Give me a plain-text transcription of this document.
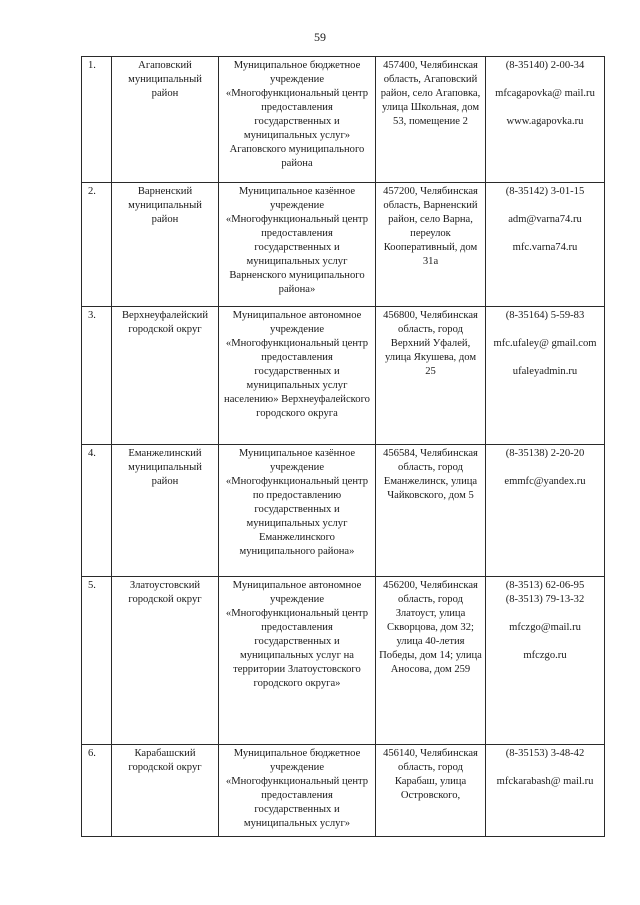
59
1.	Агаповский муниципальный район	Муниципальное бюджетное учреждение «Многофункциональный центр предоставления государственных и муниципальных услуг» Агаповского муниципального района	457400, Челябинская область, Агаповский район, село Агаповка, улица Школьная, дом 53, помещение 2	(8-35140) 2-00-34
mfcagapovka@ mail.ru
www.agapovka.ru

2.	Варненский муниципальный район	Муниципальное казённое учреждение «Многофункциональный центр предоставления государственных и муниципальных услуг Варненского муниципального района»	457200, Челябинская область, Варненский район, село Варна, переулок Кооперативный, дом 31а	(8-35142) 3-01-15
adm@varna74.ru
mfc.varna74.ru

3.	Верхнеуфалейский городской округ	Муниципальное автономное учреждение «Многофункциональный центр предоставления государственных и муниципальных услуг населению» Верхнеуфалейского городского округа	456800, Челябинская область, город Верхний Уфалей, улица Якушева, дом 25	(8-35164) 5-59-83
mfc.ufaley@ gmail.com
ufaleyadmin.ru

4.	Еманжелинский муниципальный район	Муниципальное казённое учреждение «Многофункциональный центр по предоставлению государственных и муниципальных услуг Еманжелинского муниципального района»	456584, Челябинская область, город Еманжелинск, улица Чайковского, дом 5	(8-35138) 2-20-20
emmfc@yandex.ru

5.	Златоустовский городской округ	Муниципальное автономное учреждение «Многофункциональный центр предоставления государственных и муниципальных услуг на территории Златоустовского городского округа»	456200, Челябинская область, город Златоуст, улица Скворцова, дом 32; улица 40-летия Победы, дом 14; улица Аносова, дом 259	(8-3513) 62-06-95
(8-3513) 79-13-32
mfczgo@mail.ru
mfczgo.ru

6.	Карабашский городской округ	Муниципальное бюджетное учреждение «Многофункциональный центр предоставления государственных и муниципальных услуг»	456140, Челябинская область, город Карабаш, улица Островского,	(8-35153) 3-48-42
mfckarabash@ mail.ru
